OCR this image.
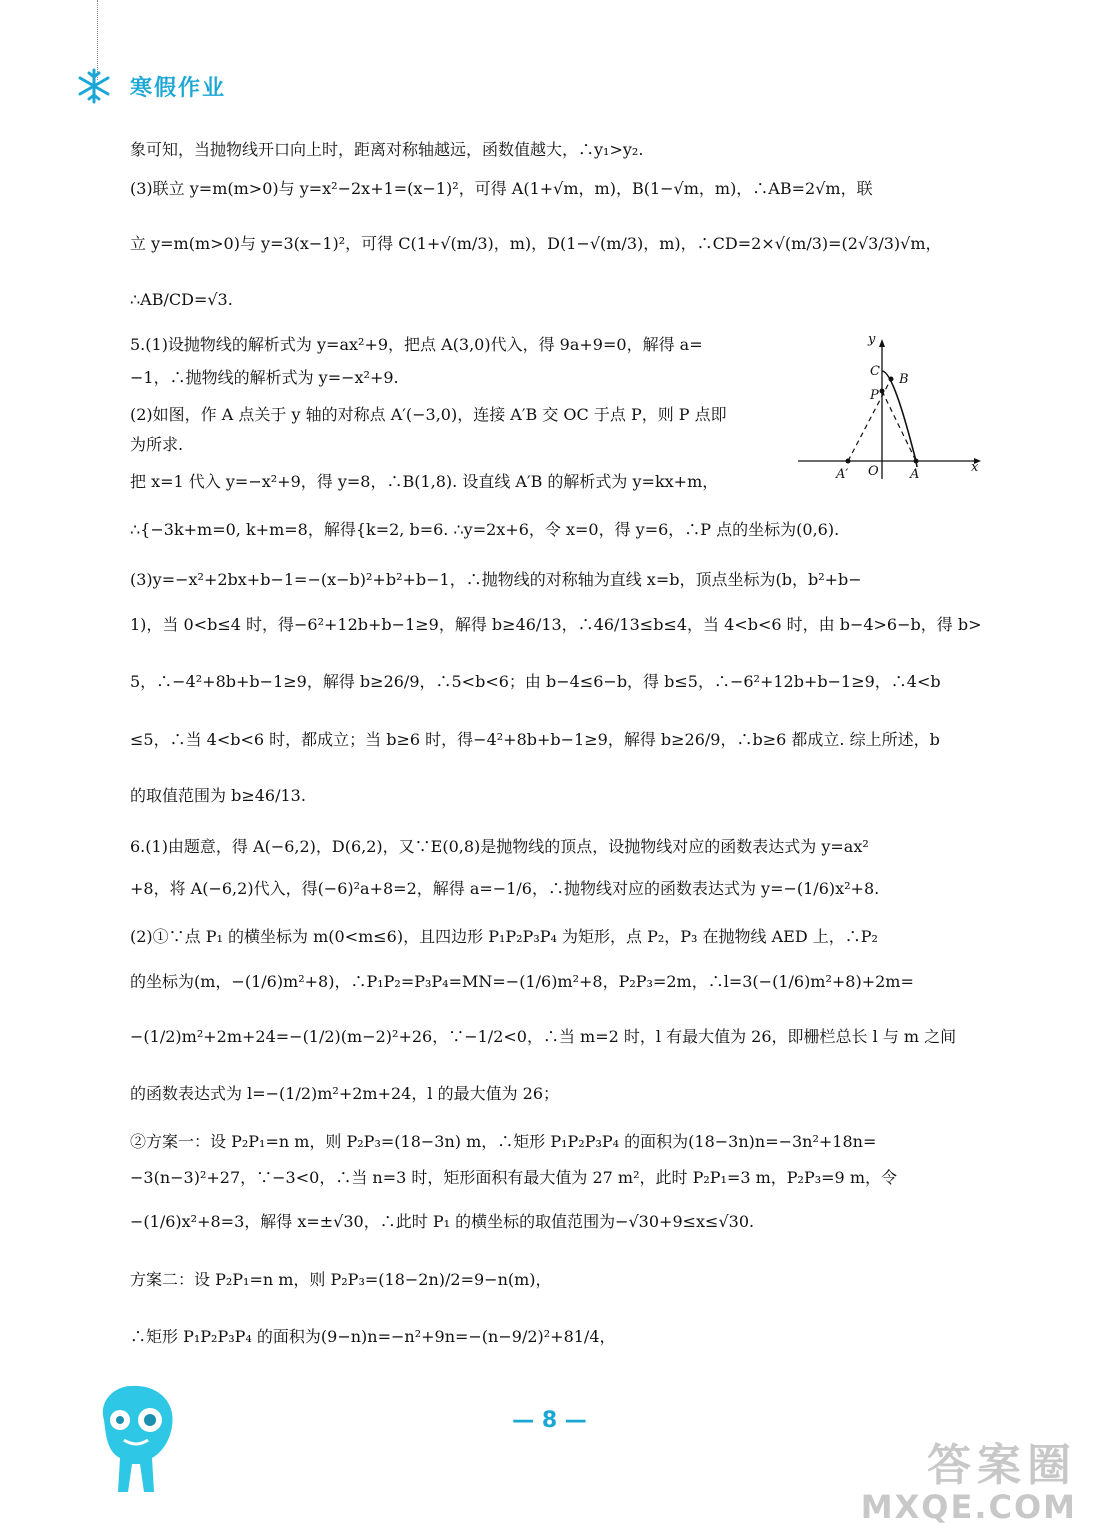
寒假作业
象可知，当抛物线开口向上时，距离对称轴越远，函数值越大，∴y₁>y₂.
(3)联立 y=m(m>0)与 y=x²−2x+1=(x−1)²，可得 A(1+√m，m)，B(1−√m，m)，∴AB=2√m，联
立 y=m(m>0)与 y=3(x−1)²，可得 C(1+√(m/3)，m)，D(1−√(m/3)，m)，∴CD=2×√(m/3)=(2√3/3)√m，
∴AB/CD=√3.
5.(1)设抛物线的解析式为 y=ax²+9，把点 A(3,0)代入，得 9a+9=0，解得 a=
−1，∴抛物线的解析式为 y=−x²+9.
(2)如图，作 A 点关于 y 轴的对称点 A′(−3,0)，连接 A′B 交 OC 于点 P，则 P 点即
为所求.
把 x=1 代入 y=−x²+9，得 y=8，∴B(1,8). 设直线 A′B 的解析式为 y=kx+m，
∴{−3k+m=0, k+m=8，解得{k=2, b=6. ∴y=2x+6，令 x=0，得 y=6，∴P 点的坐标为(0,6).
(3)y=−x²+2bx+b−1=−(x−b)²+b²+b−1，∴抛物线的对称轴为直线 x=b，顶点坐标为(b，b²+b−
1)，当 0<b≤4 时，得−6²+12b+b−1≥9，解得 b≥46/13，∴46/13≤b≤4，当 4<b<6 时，由 b−4>6−b，得 b>
5，∴−4²+8b+b−1≥9，解得 b≥26/9，∴5<b<6；由 b−4≤6−b，得 b≤5，∴−6²+12b+b−1≥9，∴4<b
≤5，∴当 4<b<6 时，都成立；当 b≥6 时，得−4²+8b+b−1≥9，解得 b≥26/9，∴b≥6 都成立. 综上所述，b
的取值范围为 b≥46/13.
6.(1)由题意，得 A(−6,2)，D(6,2)，又∵E(0,8)是抛物线的顶点，设抛物线对应的函数表达式为 y=ax²
+8，将 A(−6,2)代入，得(−6)²a+8=2，解得 a=−1/6，∴抛物线对应的函数表达式为 y=−(1/6)x²+8.
(2)①∵点 P₁ 的横坐标为 m(0<m≤6)，且四边形 P₁P₂P₃P₄ 为矩形，点 P₂，P₃ 在抛物线 AED 上，∴P₂
的坐标为(m，−(1/6)m²+8)，∴P₁P₂=P₃P₄=MN=−(1/6)m²+8，P₂P₃=2m，∴l=3(−(1/6)m²+8)+2m=
−(1/2)m²+2m+24=−(1/2)(m−2)²+26，∵−1/2<0，∴当 m=2 时，l 有最大值为 26，即栅栏总长 l 与 m 之间
的函数表达式为 l=−(1/2)m²+2m+24，l 的最大值为 26；
②方案一：设 P₂P₁=n m，则 P₂P₃=(18−3n) m，∴矩形 P₁P₂P₃P₄ 的面积为(18−3n)n=−3n²+18n=
−3(n−3)²+27，∵−3<0，∴当 n=3 时，矩形面积有最大值为 27 m²，此时 P₂P₁=3 m，P₂P₃=9 m，令
−(1/6)x²+8=3，解得 x=±√30，∴此时 P₁ 的横坐标的取值范围为−√30+9≤x≤√30.
方案二：设 P₂P₁=n m，则 P₂P₃=(18−2n)/2=9−n(m)，
∴矩形 P₁P₂P₃P₄ 的面积为(9−n)n=−n²+9n=−(n−9/2)²+81/4，
y
x
C
B
P
A′ O A
— 8 —
答案圈
MXQE.COM
